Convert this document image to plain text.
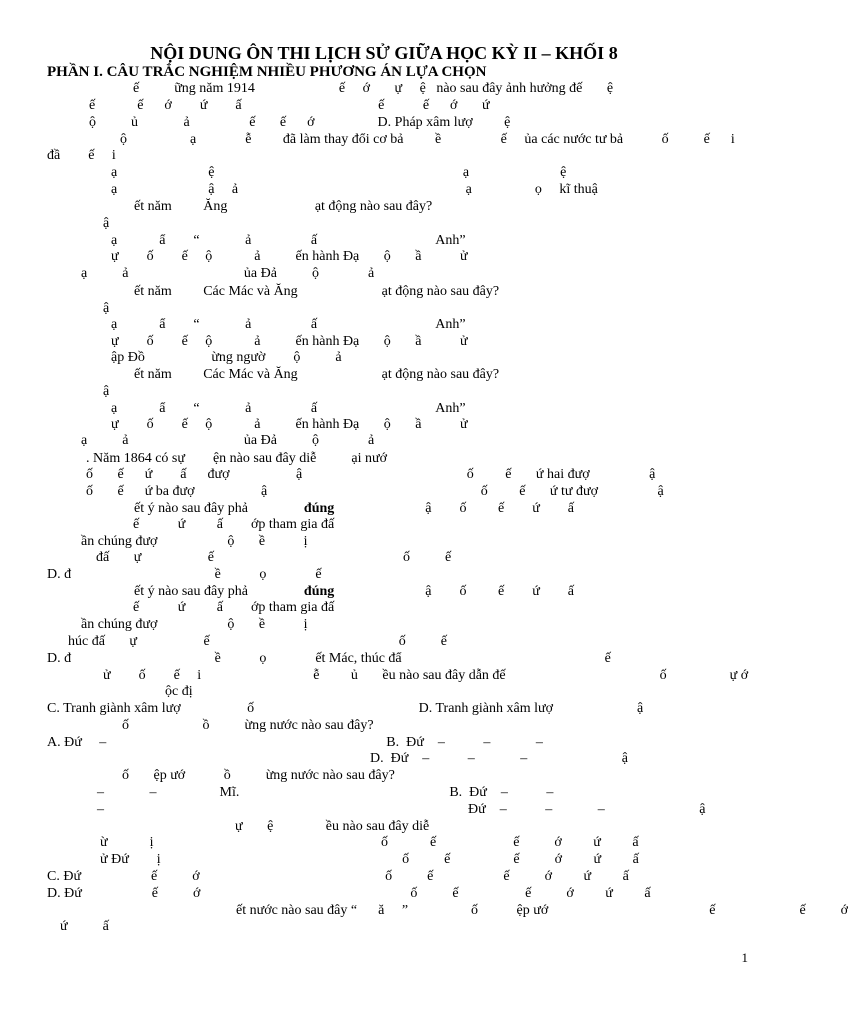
NỘI DUNG ÔN THI LỊCH SỬ GIỮA HỌC KỲ II – KHỐI 8

PHẦN I. CÂU TRẮC NGHIỆM NHIỀU PHƯƠNG ÁN LỰA CHỌN

ế          ững năm 1914                        ế     ớ       ự     ệ   nào sau đây ảnh hưởng đế       ệ

ế            ế      ớ        ứ        ấ                                       ế           ế      ớ       ứ

ộ          ủ             ả                 ế       ế      ớ                  D. Pháp xâm lượ         ệ

ộ                  ạ              ễ         đã làm thay đổi cơ bả         ề                 ế     ủa các nước tư bả           ố          ế      i

đầ        ế     i

ạ                          ệ                                                                       ạ                          ệ

ạ                          ậ     ả                                                                 ạ                  ọ     kĩ thuậ

ết năm         Ăng                         ạt động nào sau đây?

ậ

ạ            ẩ        “             ả                 ấ                                  Anh”

ự        ố        ế     ộ            ả          ến hành Đạ       ộ       ầ           ử

ạ          ả                                 ủa Đả          ộ              ả

ết năm         Các Mác và Ăng                        ạt động nào sau đây?

ậ

ạ            ẩ        “             ả                 ấ                                  Anh”

ự        ố        ế     ộ            ả          ến hành Đạ       ộ       ầ           ử

ập Đồ                   ừng ngườ        ộ          ả

ết năm         Các Mác và Ăng                        ạt động nào sau đây?

ậ

ạ            ẩ        “             ả                 ấ                                  Anh”

ự        ố        ế     ộ            ả          ến hành Đạ       ộ       ầ           ử

ạ          ả                                 ủa Đả          ộ              ả

. Năm 1864 có sự        ện nào sau đây diễ          ại nướ

ố       ế      ứ        ấ      đượ                   ậ                                               ố         ế       ứ hai đượ                 ậ

ố       ế      ứ ba đượ                   ậ                                                             ố         ế       ứ tư đượ                 ậ

ết ý nào sau đây phả	đúng                          ậ        ố         ế        ứ        ấ

ế           ứ         ấ        ớp tham gia đấ

ần chúng đượ                    ộ       ề           ị

đấ       ự                   ế                                                      ố          ế

D. đ                                         ề           ọ              ế

ết ý nào sau đây phả	đúng                          ậ        ố         ế        ứ        ấ

ế           ứ         ấ        ớp tham gia đấ

ần chúng đượ                    ộ       ề           ị

húc đấ       ự                   ế                                                      ố          ế

D. đ                                         ề           ọ              ết Mác, thúc đẩ                                                          ế

ử        ố        ế     i                                ễ         ủ       ều nào sau đây dẫn đế                                            ố                  ự ớ

ộc đị

C. Tranh giành xâm lượ                   ố                                               D. Tranh giành xâm lượ                        ậ

ố                     ồ          ừng nước nào sau đây?

A. Đứ     –                                                                                B.  Đứ    –           –             –

D.  Đứ    –           –             –                           ậ

ố       ệp ướ           ồ          ừng nước nào sau đây?

–             –                  Mĩ.                                                            B.  Đứ    –           –

–                                                                                                        Đứ    –           –             –                           ậ

ự       ệ               ều nào sau đây diễ

ừ            ị                                                                 ố            ế                      ế          ớ         ứ         ấ

ử Đứ        ị                                                                     ố          ế                  ế          ớ         ứ         ấ

C. Đứ                    ế          ớ                                                     ố          ế                    ế          ớ         ứ         ấ

D. Đứ                    ế          ớ                                                            ố          ế                   ế          ớ         ứ         ấ

ết nước nào sau đây “      ă     ”                  ố           ệp ướ                                              ế                        ế          ớ

ứ          ấ

1
